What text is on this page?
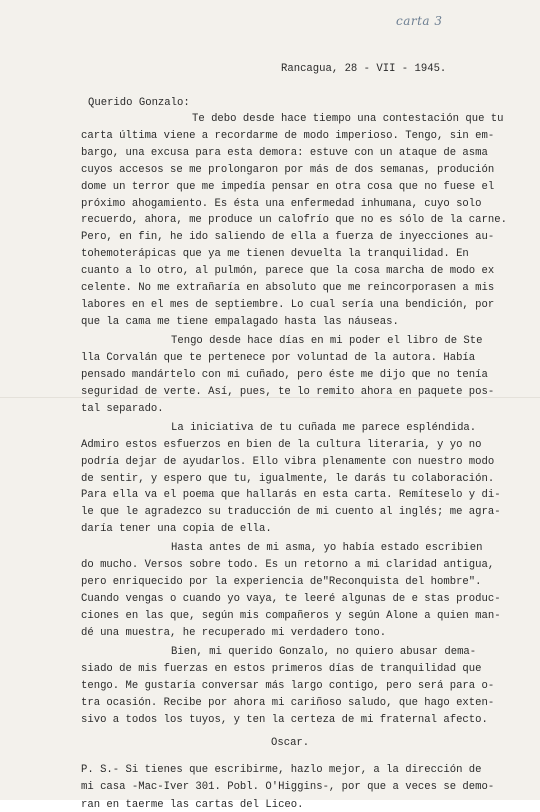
carta 3
Rancagua, 28 - VII - 1945.
Querido Gonzalo:
Te debo desde hace tiempo una contestación que tu
carta última viene a recordarme de modo imperioso. Tengo, sin em-
bargo, una excusa para esta demora: estuve con un ataque de asma
cuyos accesos se me prolongaron por más de dos semanas, produción
dome un terror que me impedía pensar en otra cosa que no fuese el
próximo ahogamiento. Es ésta una enfermedad inhumana, cuyo solo
recuerdo, ahora, me produce un calofrío que no es sólo de la carne.
Pero, en fin, he ido saliendo de ella a fuerza de inyecciones au-
tohemoterápicas que ya me tienen devuelta la tranquilidad. En
cuanto a lo otro, al pulmón, parece que la cosa marcha de modo ex
celente. No me extrañaría en absoluto que me reincorporasen a mis
labores en el mes de septiembre. Lo cual sería una bendición, por
que la cama me tiene empalagado hasta las náuseas.
Tengo desde hace días en mi poder el libro de Ste
lla Corvalán que te pertenece por voluntad de la autora. Había
pensado mandártelo con mi cuñado, pero éste me dijo que no tenía
seguridad de verte. Así, pues, te lo remito ahora en paquete pos-
tal separado.
La iniciativa de tu cuñada me parece espléndida.
Admiro estos esfuerzos en bien de la cultura literaria, y yo no
podría dejar de ayudarlos. Ello vibra plenamente con nuestro modo
de sentir, y espero que tu, igualmente, le darás tu colaboración.
Para ella va el poema que hallarás en esta carta. Remíteselo y di-
le que le agradezco su traducción de mi cuento al inglés; me agra-
daría tener una copia de ella.
Hasta antes de mi asma, yo había estado escribien
do mucho. Versos sobre todo. Es un retorno a mi claridad antigua,
pero enriquecido por la experiencia de"Reconquista del hombre".
Cuando vengas o cuando yo vaya, te leeré algunas de e stas produc-
ciones en las que, según mis compañeros y según Alone a quien man-
dé una muestra, he recuperado mi verdadero tono.
Bien, mi querido Gonzalo, no quiero abusar dema-
siado de mis fuerzas en estos primeros días de tranquilidad que
tengo. Me gustaría conversar más largo contigo, pero será para o-
tra ocasión. Recibe por ahora mi cariñoso saludo, que hago exten-
sivo a todos los tuyos, y ten la certeza de mi fraternal afecto.
Oscar.
P. S.- Si tienes que escribirme, hazlo mejor, a la dirección de
mi casa -Mac-Iver 301. Pobl. O'Higgins-, por que a veces se demo-
ran en taerme las cartas del Liceo.
